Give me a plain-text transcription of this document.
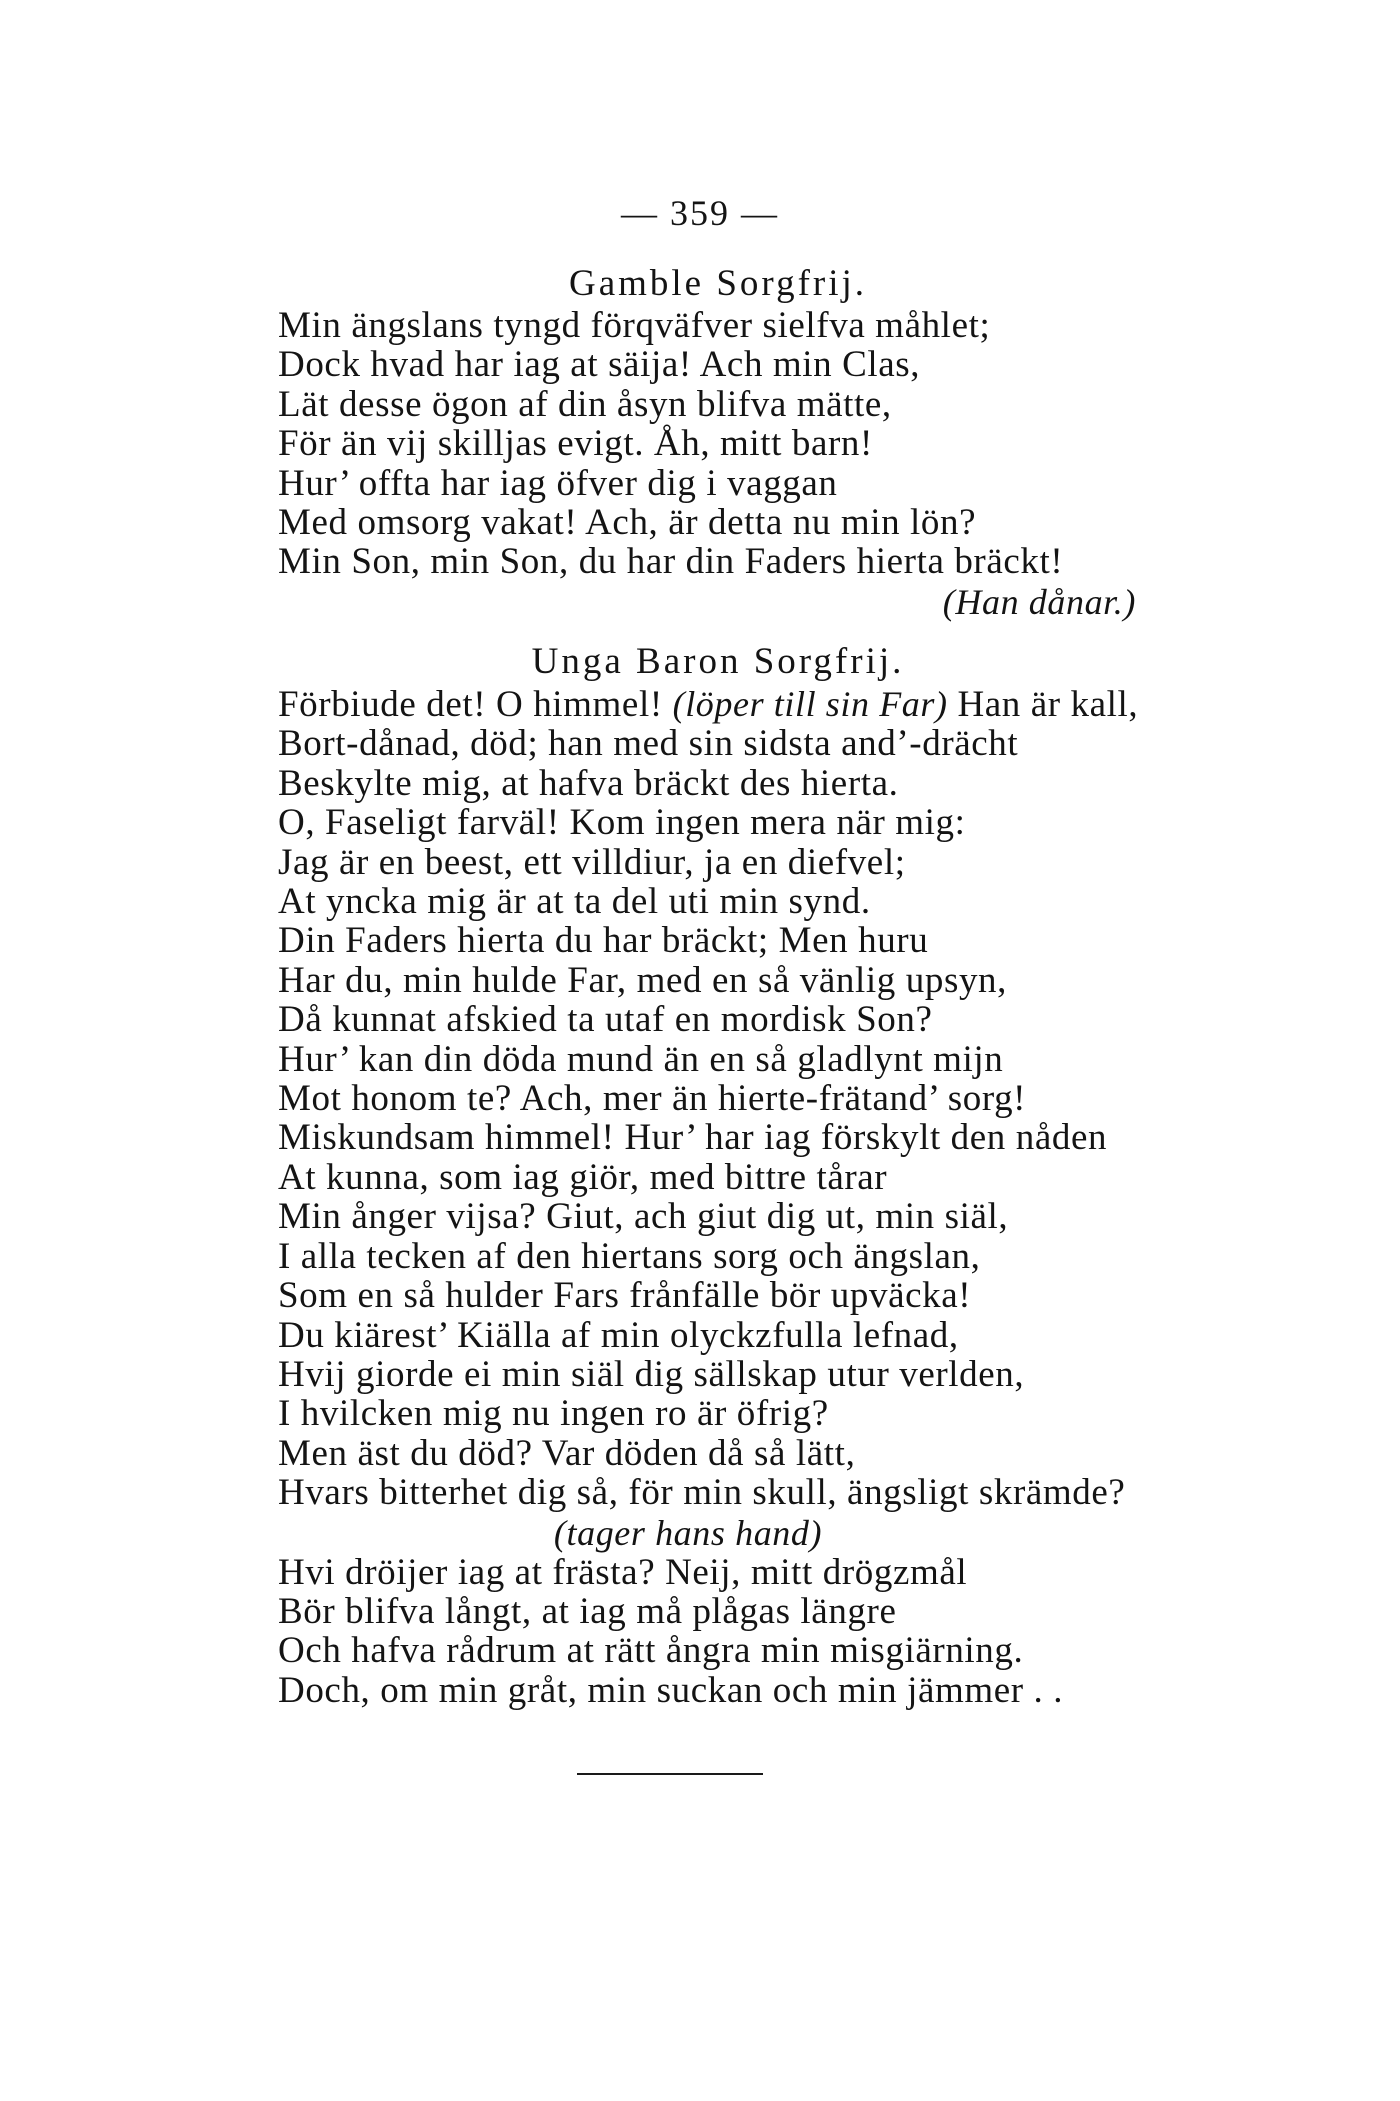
— 359 —
Gamble Sorgfrij.
Min ängslans tyngd förqväfver sielfva måhlet;
Dock hvad har iag at säija! Ach min Clas,
Lät desse ögon af din åsyn blifva mätte,
För än vij skilljas evigt. Åh, mitt barn!
Hur’ offta har iag öfver dig i vaggan
Med omsorg vakat! Ach, är detta nu min lön?
Min Son, min Son, du har din Faders hierta bräckt!
(Han dånar.)
Unga Baron Sorgfrij.
Förbiude det! O himmel! (löper till sin Far) Han är kall,
Bort-dånad, död; han med sin sidsta and’-drächt
Beskylte mig, at hafva bräckt des hierta.
O, Faseligt farväl! Kom ingen mera när mig:
Jag är en beest, ett villdiur, ja en diefvel;
At yncka mig är at ta del uti min synd.
Din Faders hierta du har bräckt; Men huru
Har du, min hulde Far, med en så vänlig upsyn,
Då kunnat afskied ta utaf en mordisk Son?
Hur’ kan din döda mund än en så gladlynt mijn
Mot honom te? Ach, mer än hierte-frätand’ sorg!
Miskundsam himmel! Hur’ har iag förskylt den nåden
At kunna, som iag giör, med bittre tårar
Min ånger vijsa? Giut, ach giut dig ut, min siäl,
I alla tecken af den hiertans sorg och ängslan,
Som en så hulder Fars frånfälle bör upväcka!
Du kiärest’ Kiälla af min olyckzfulla lefnad,
Hvij giorde ei min siäl dig sällskap utur verlden,
I hvilcken mig nu ingen ro är öfrig?
Men äst du död? Var döden då så lätt,
Hvars bitterhet dig så, för min skull, ängsligt skrämde?
(tager hans hand)
Hvi dröijer iag at frästa? Neij, mitt drögzmål
Bör blifva långt, at iag må plågas längre
Och hafva rådrum at rätt ångra min misgiärning.
Doch, om min gråt, min suckan och min jämmer . .
